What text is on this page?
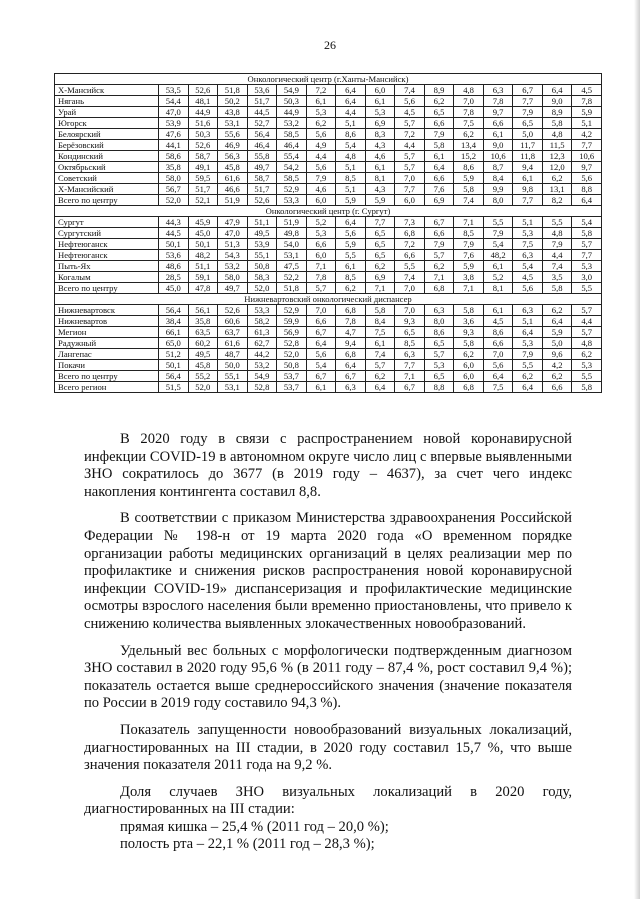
26
Онкологический центр (г.Ханты-Мансийск)															
Х-Мансийск	53,5	52,6	51,8	53,6	54,9	7,2	6,4	6,0	7,4	8,9	4,8	6,3	6,7	6,4	4,5
Нягань	54,4	48,1	50,2	51,7	50,3	6,1	6,4	6,1	5,6	6,2	7,0	7,8	7,7	9,0	7,8
Урай	47,0	44,9	43,8	44,5	44,9	5,3	4,4	5,3	4,5	6,5	7,8	9,7	7,9	8,9	5,9
Югорск	53,9	51,6	53,1	52,7	53,2	6,2	5,1	6,9	5,7	6,6	7,5	6,6	6,5	5,8	5,1
Белоярский	47,6	50,3	55,6	56,4	58,5	5,6	8,6	8,3	7,2	7,9	6,2	6,1	5,0	4,8	4,2
Берёзовский	44,1	52,6	46,9	46,4	46,4	4,9	5,4	4,3	4,4	5,8	13,4	9,0	11,7	11,5	7,7
Кондинский	58,6	58,7	56,3	55,8	55,4	4,4	4,8	4,6	5,7	6,1	15,2	10,6	11,8	12,3	10,6
Октябрьский	35,8	49,1	45,8	49,7	54,2	5,6	5,1	6,1	5,7	6,4	8,6	8,7	9,4	12,0	9,7
Советский	58,0	59,5	61,6	58,7	58,5	7,9	8,5	8,1	7,0	6,6	5,9	8,4	6,1	6,2	5,6
Х-Мансийский	56,7	51,7	46,6	51,7	52,9	4,6	5,1	4,3	7,7	7,6	5,8	9,9	9,8	13,1	8,8
Всего по центру	52,0	52,1	51,9	52,6	53,3	6,0	5,9	5,9	6,0	6,9	7,4	8,0	7,7	8,2	6,4
Онкологический центр (г. Сургут)															
Сургут	44,3	45,9	47,9	51,1	51,9	5,2	6,4	7,7	7,3	6,7	7,1	5,5	5,1	5,5	5,4
Сургутский	44,5	45,0	47,0	49,5	49,8	5,3	5,6	6,5	6,8	6,6	8,5	7,9	5,3	4,8	5,8
Нефтеюганск	50,1	50,1	51,3	53,9	54,0	6,6	5,9	6,5	7,2	7,9	7,9	5,4	7,5	7,9	5,7
Нефтеюганск	53,6	48,2	54,3	55,1	53,1	6,0	5,5	6,5	6,6	5,7	7,6	48,2	6,3	4,4	7,7
Пыть-Ях	48,6	51,1	53,2	50,8	47,5	7,1	6,1	6,2	5,5	6,2	5,9	6,1	5,4	7,4	5,3
Когалым	28,5	59,1	58,0	58,3	52,2	7,8	8,5	6,9	7,4	7,1	3,8	5,2	4,5	3,5	3,0
Всего по центру	45,0	47,8	49,7	52,0	51,8	5,7	6,2	7,1	7,0	6,8	7,1	8,1	5,6	5,8	5,5
Нижневартовский онкологический диспансер															
Нижневартовск	56,4	56,1	52,6	53,3	52,9	7,0	6,8	5,8	7,0	6,3	5,8	6,1	6,3	6,2	5,7
Нижневартов	38,4	35,8	60,6	58,2	59,9	6,6	7,8	8,4	9,3	8,0	3,6	4,5	5,1	6,4	4,4
Мегион	66,1	63,5	63,7	61,3	56,9	6,7	4,7	7,5	6,5	8,6	9,3	8,6	6,4	5,9	5,7
Радужный	65,0	60,2	61,6	62,7	52,8	6,4	9,4	6,1	8,5	6,5	5,8	6,6	5,3	5,0	4,8
Лангепас	51,2	49,5	48,7	44,2	52,0	5,6	6,8	7,4	6,3	5,7	6,2	7,0	7,9	9,6	6,2
Покачи	50,1	45,8	50,0	53,2	50,8	5,4	6,4	5,7	7,7	5,3	6,0	5,6	5,5	4,2	5,3
Всего по центру	56,4	55,2	55,1	54,9	53,7	6,7	6,7	6,2	7,1	6,5	6,0	6,4	6,2	6,2	5,5
Всего регион	51,5	52,0	53,1	52,8	53,7	6,1	6,3	6,4	6,7	8,8	6,8	7,5	6,4	6,6	5,8

В 2020 году в связи с распространением новой коронавирусной инфекции COVID-19 в автономном округе число лиц с впервые выявленными ЗНО сократилось до 3677 (в 2019 году – 4637), за счет чего индекс накопления контингента составил 8,8.

В соответствии с приказом Министерства здравоохранения Российской Федерации № 198-н от 19 марта 2020 года «О временном порядке организации работы медицинских организаций в целях реализации мер по профилактике и снижения рисков распространения новой коронавирусной инфекции COVID-19» диспансеризация и профилактические медицинские осмотры взрослого населения были временно приостановлены, что привело к снижению количества выявленных злокачественных новообразований.

Удельный вес больных с морфологически подтвержденным диагнозом ЗНО составил в 2020 году 95,6 % (в 2011 году – 87,4 %, рост составил 9,4 %); показатель остается выше среднероссийского значения (значение показателя по России в 2019 году составило 94,3 %).

Показатель запущенности новообразований визуальных локализаций, диагностированных на III стадии, в 2020 году составил 15,7 %, что выше значения показателя 2011 года на 9,2 %.

Доля случаев ЗНО визуальных локализаций в 2020 году, диагностированных на III стадии:

прямая кишка – 25,4 % (2011 год – 20,0 %);

полость рта – 22,1 % (2011 год – 28,3 %);
